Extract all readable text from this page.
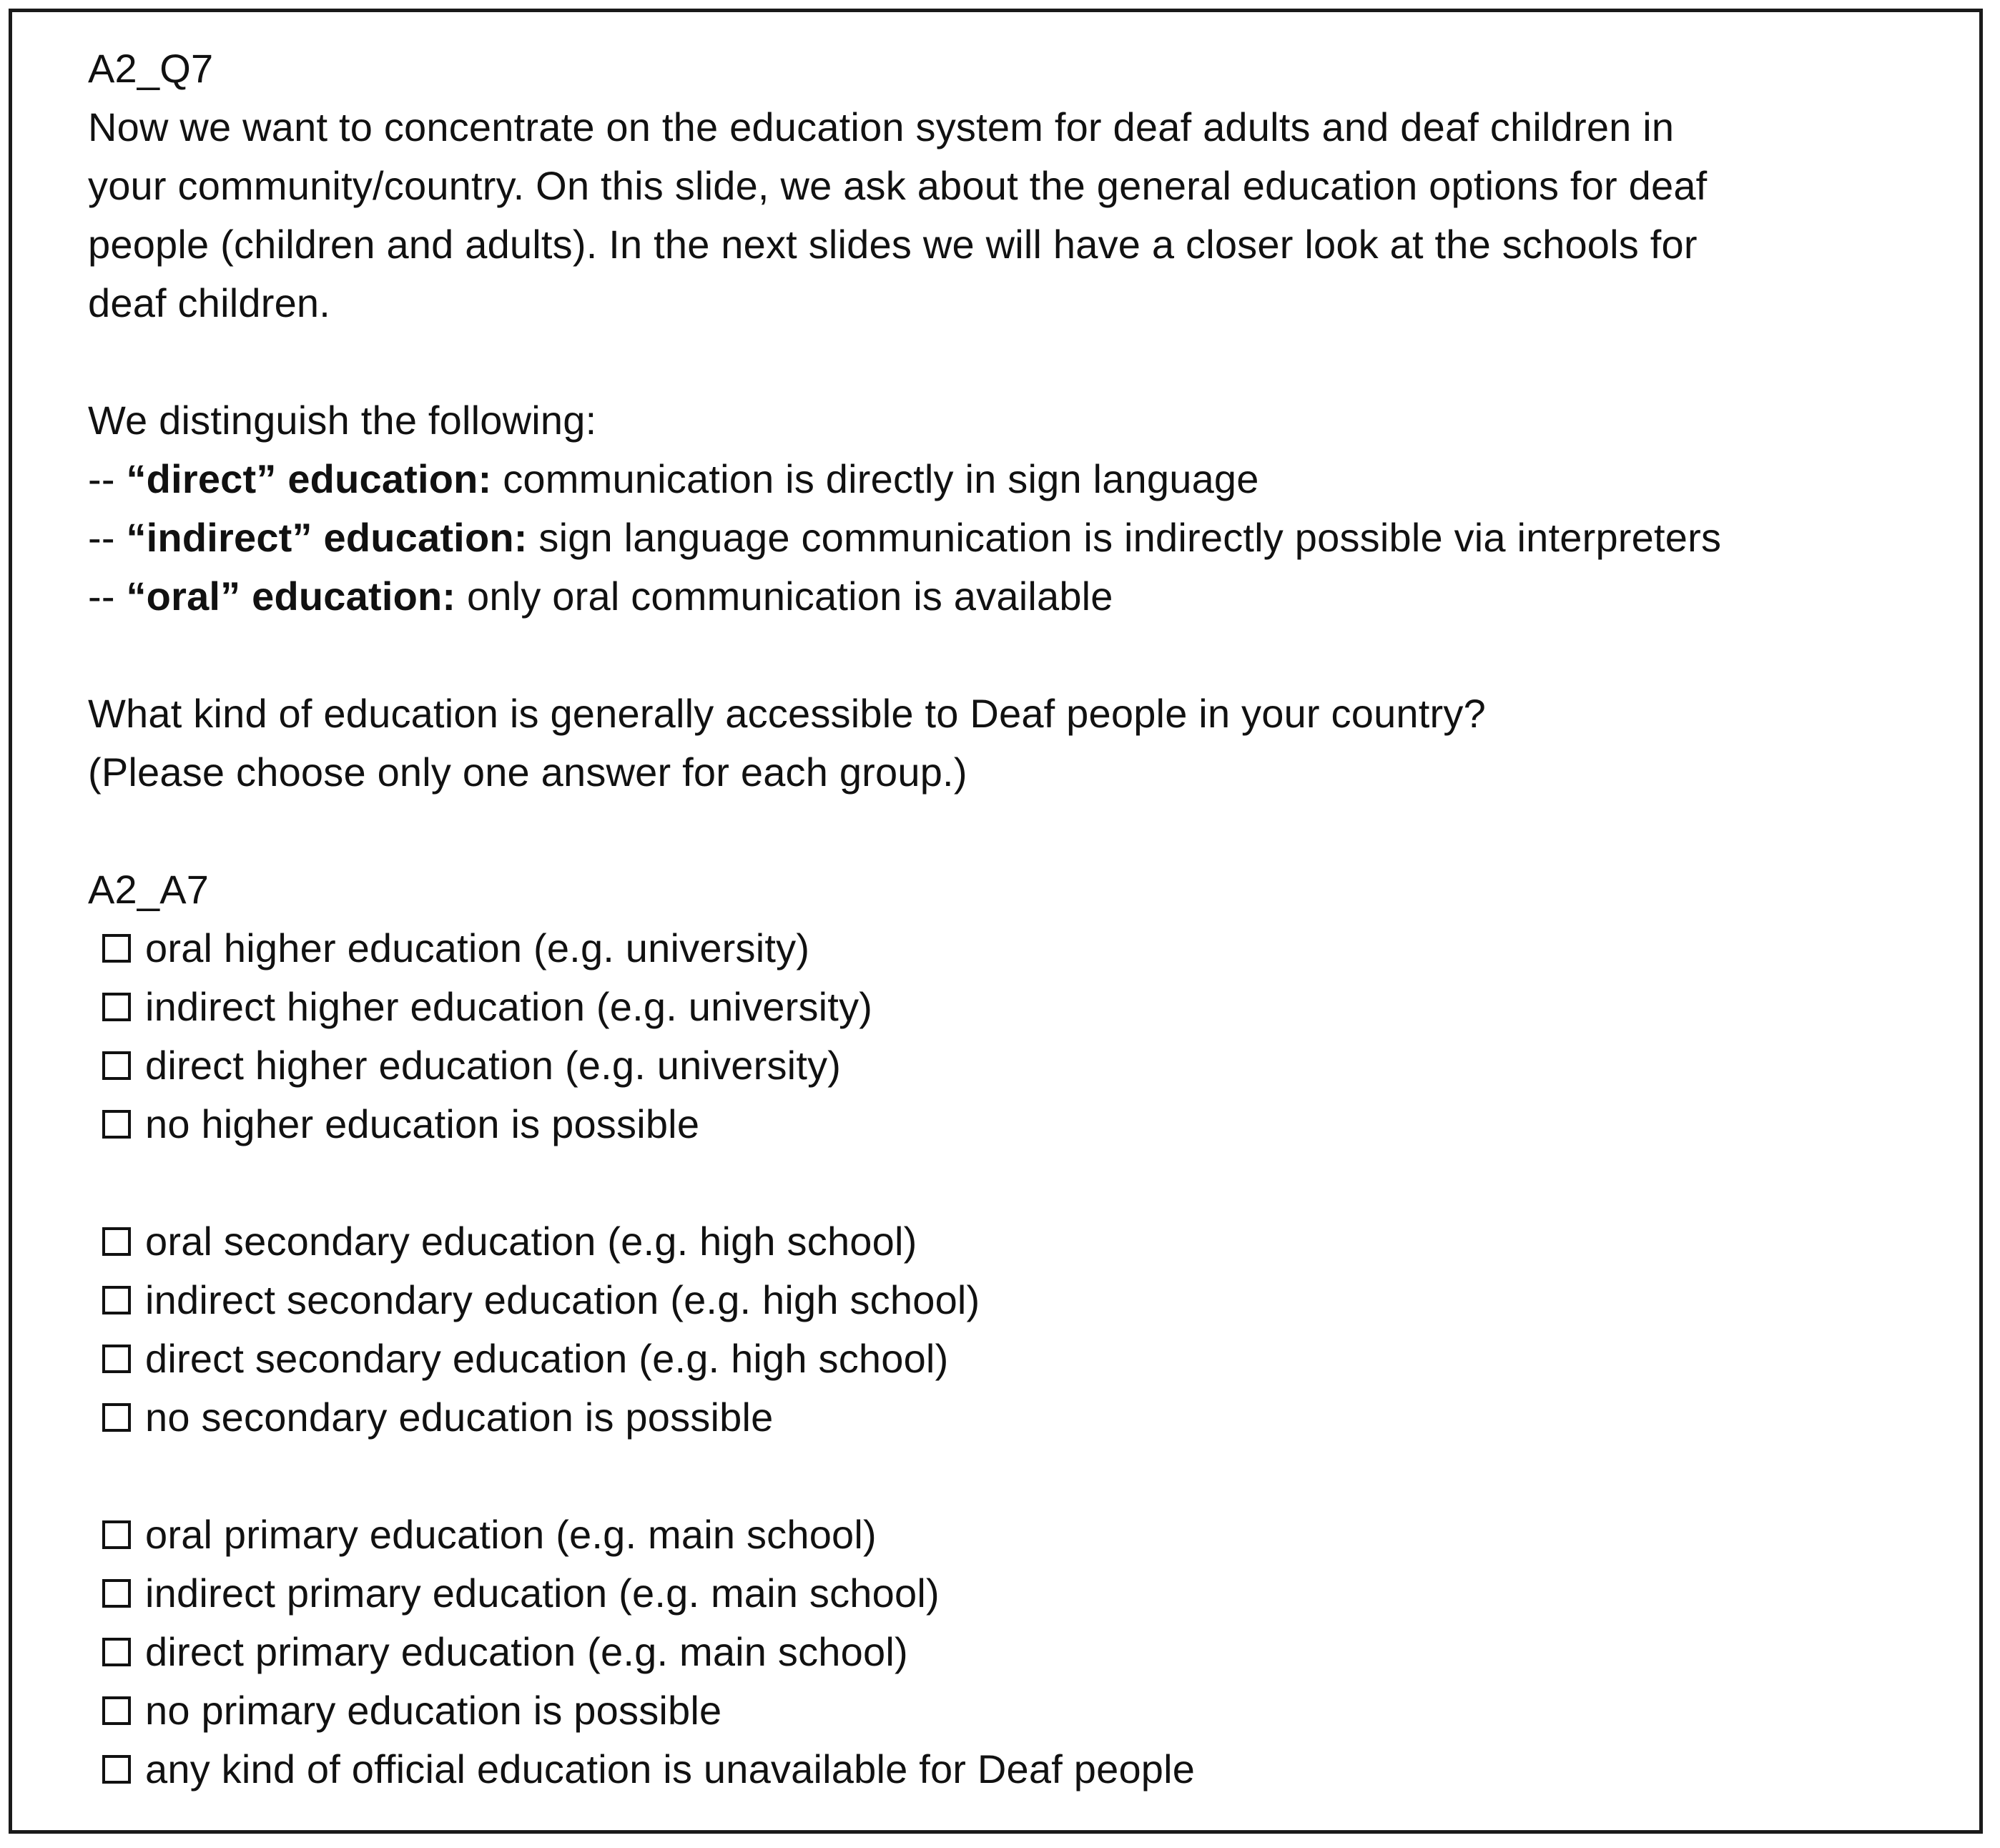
A2_Q7
Now we want to concentrate on the education system for deaf adults and deaf children in
your community/country. On this slide, we ask about the general education options for deaf
people (children and adults). In the next slides we will have a closer look at the schools for
deaf children.
We distinguish the following:
-- “direct” education: communication is directly in sign language
-- “indirect” education: sign language communication is indirectly possible via interpreters
-- “oral” education: only oral communication is available
What kind of education is generally accessible to Deaf people in your country?
(Please choose only one answer for each group.)
A2_A7
oral higher education (e.g. university)
indirect higher education (e.g. university)
direct higher education (e.g. university)
no higher education is possible
oral secondary education (e.g. high school)
indirect secondary education (e.g. high school)
direct secondary education (e.g. high school)
no secondary education is possible
oral primary education (e.g. main school)
indirect primary education (e.g. main school)
direct primary education (e.g. main school)
no primary education is possible
any kind of official education is unavailable for Deaf people
